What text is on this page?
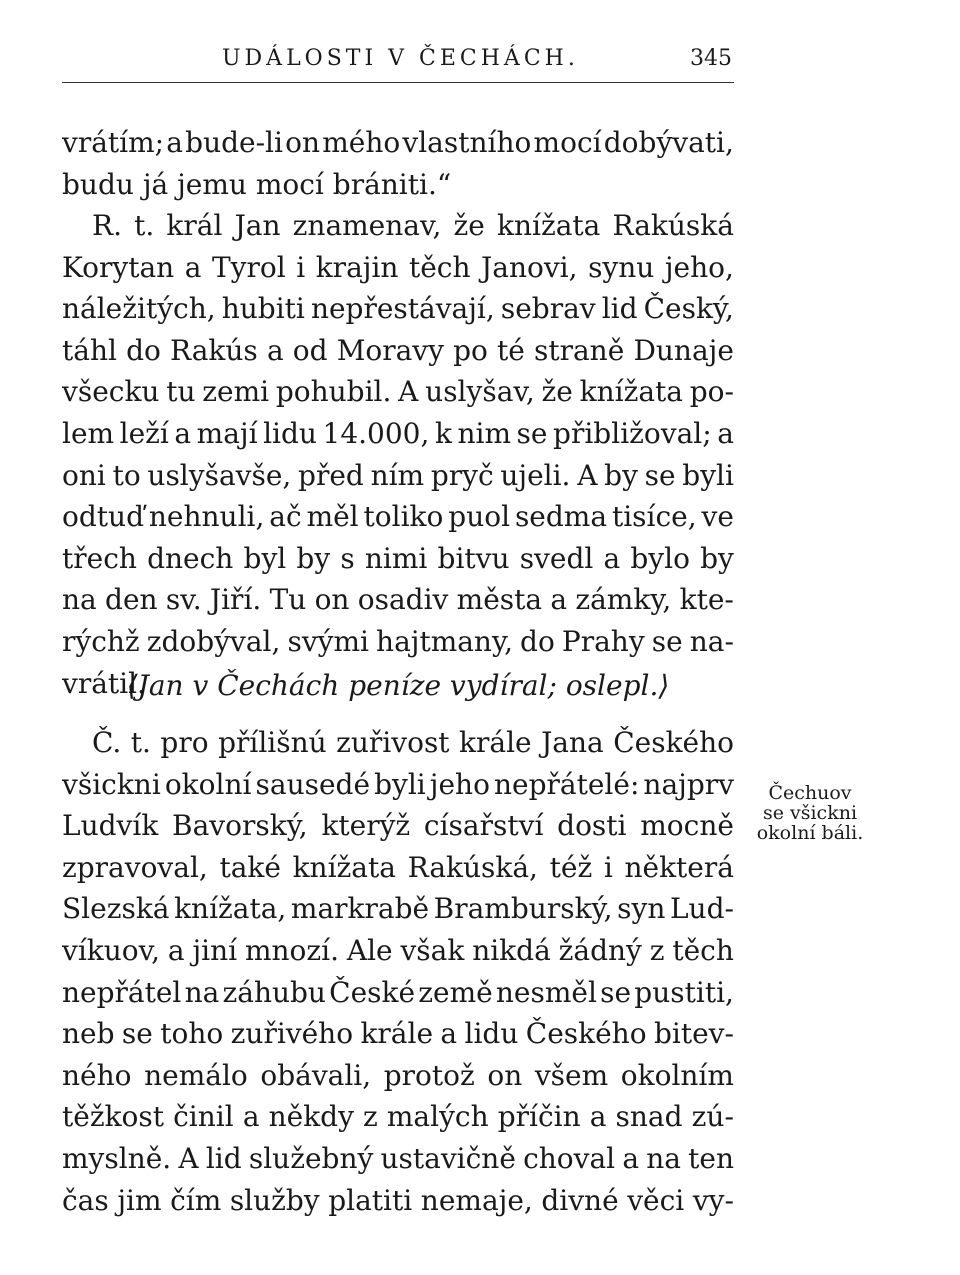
UDÁLOSTI V ČECHÁCH.	345
vrátím; a bude-li on mého vlastního mocí dobývati,
budu já jemu mocí brániti.“
R. t. král Jan znamenav, že knížata Rakúská
Korytan a Tyrol i krajin těch Janovi, synu jeho,
náležitých, hubiti nepřestávají, sebrav lid Český,
táhl do Rakús a od Moravy po té straně Dunaje
všecku tu zemi pohubil. A uslyšav, že knížata po-
lem leží a mají lidu 14.000, k nim se přibližoval; a
oni to uslyšavše, před ním pryč ujeli. A by se byli
odtuď nehnuli, ač měl toliko puol sedma tisíce, ve
třech dnech byl by s nimi bitvu svedl a bylo by
na den sv. Jiří. Tu on osadiv města a zámky, kte-
rýchž zdobýval, svými hajtmany, do Prahy se na-
vrátil.
⟨Jan v Čechách peníze vydíral; oslepl.⟩
Č. t. pro přílišnú zuřivost krále Jana Českého
všickni okolní sausedé byli jeho nepřátelé: najprv
Ludvík Bavorský, kterýž císařství dosti mocně
zpravoval, také knížata Rakúská, též i některá
Slezská knížata, markrabě Bramburský, syn Lud-
víkuov, a jiní mnozí. Ale však nikdá žádný z těch
nepřátel na záhubu České země nesměl se pustiti,
neb se toho zuřivého krále a lidu Českého bitev-
ného nemálo obávali, protož on všem okolním
těžkost činil a někdy z malých příčin a snad zú-
myslně. A lid služebný ustavičně choval a na ten
čas jim čím služby platiti nemaje, divné věci vy-
Čechuov
se všickni
okolní báli.
